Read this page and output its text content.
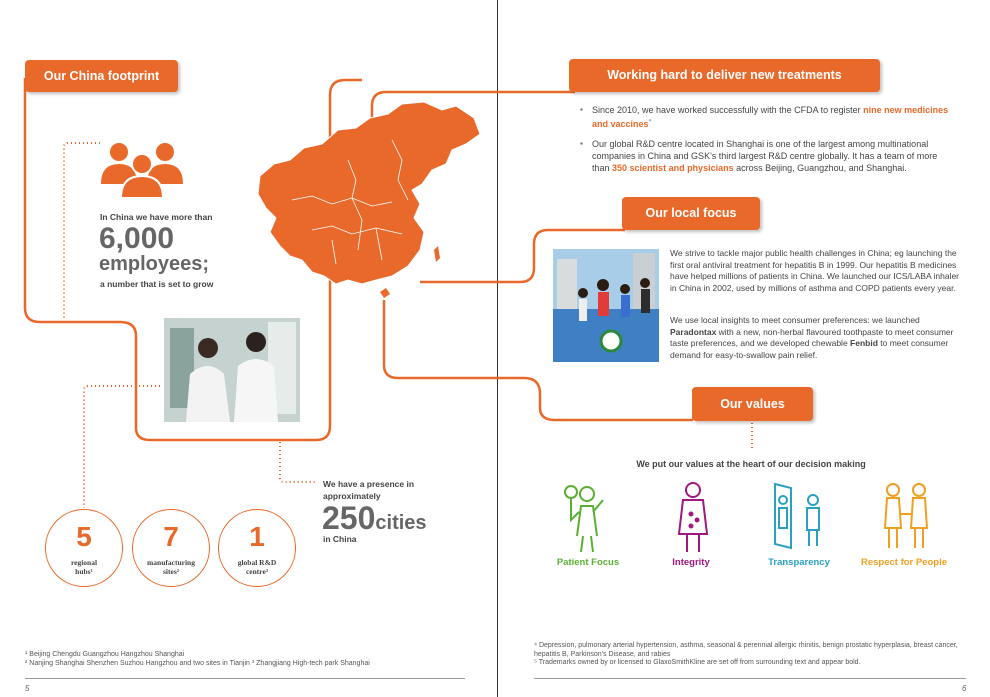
Our China footprint
In China we have more than
6,000
employees;
a number that is set to grow
We have a presence in approximately
250cities
in China
5
regional hubs¹
7
manufacturing sites²
1
global R&D centre³
¹ Beijing Chengdu Guangzhou Hangzhou Shanghai
² Nanjing Shanghai Shenzhen Suzhou Hangzhou and two sites in Tianjin ³ Zhangjiang High-tech park Shanghai
5
Working hard to deliver new treatments
▪ Since 2010, we have worked successfully with the CFDA to register nine new medicines and vaccines$^{^4}$
▪ Our global R&D centre located in Shanghai is one of the largest among multinational companies in China and GSK's third largest R&D centre globally. It has a team of more than 350 scientist and physicians across Beijing, Guangzhou, and Shanghai.
Our local focus
We strive to tackle major public health challenges in China; eg launching the first oral antiviral treatment for hepatitis B in 1999. Our hepatitis B medicines have helped millions of patients in China. We launched our ICS/LABA inhaler in China in 2002, used by millions of asthma and COPD patients every year.
We use local insights to meet consumer preferences: we launched Paradontax with a new, non-herbal flavoured toothpaste to meet consumer taste preferences, and we developed chewable Fenbid to meet consumer demand for easy-to-swallow pain relief.
Our values
We put our values at the heart of our decision making
Patient Focus	Integrity	Transparency	Respect for People
⁴ Depression, pulmonary arterial hypertension, asthma, seasonal & perennial allergic rhinitis, benign prostatic hyperplasia, breast cancer, hepatitis B, Parkinson's Disease, and rabies
⁵ Trademarks owned by or licensed to GlaxoSmithKline are set off from surrounding text and appear bold.
6
